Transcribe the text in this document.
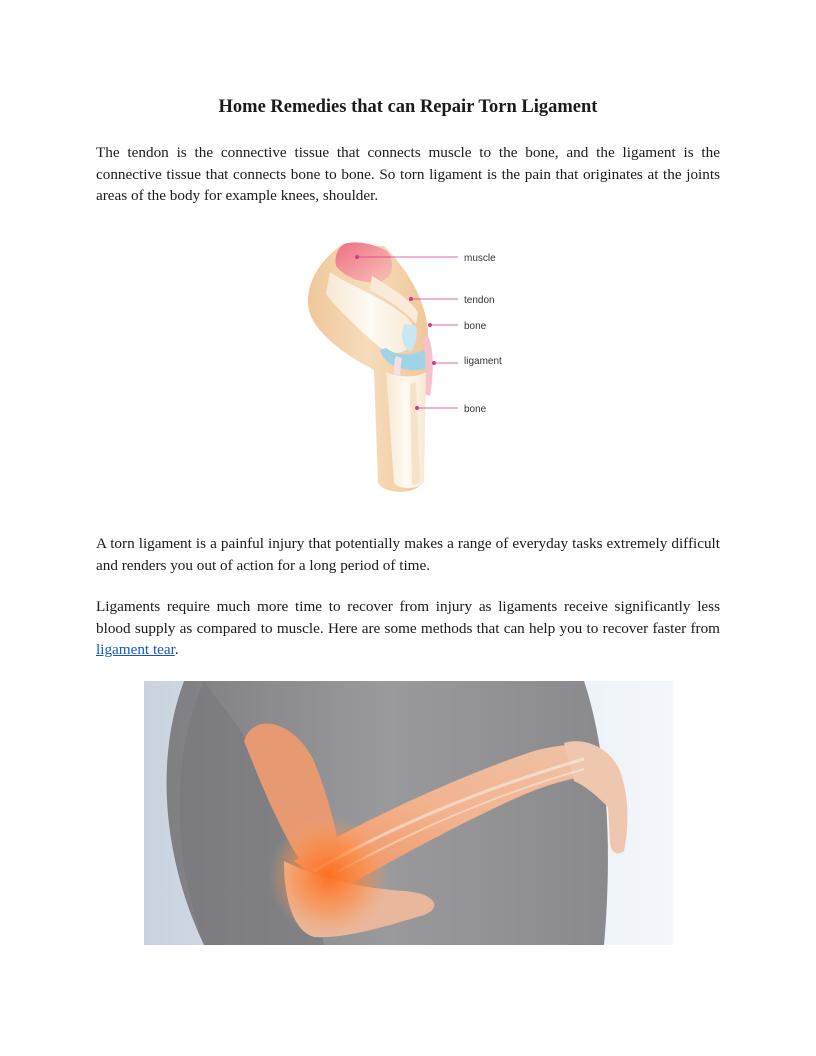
Home Remedies that can Repair Torn Ligament

The tendon is the connective tissue that connects muscle to the bone, and the ligament is the connective tissue that connects bone to bone. So torn ligament is the pain that originates at the joints areas of the body for example knees, shoulder.

muscle
tendon
bone
ligament
bone

A torn ligament is a painful injury that potentially makes a range of everyday tasks extremely difficult and renders you out of action for a long period of time.

Ligaments require much more time to recover from injury as ligaments receive significantly less blood supply as compared to muscle. Here are some methods that can help you to recover faster from ligament tear.
